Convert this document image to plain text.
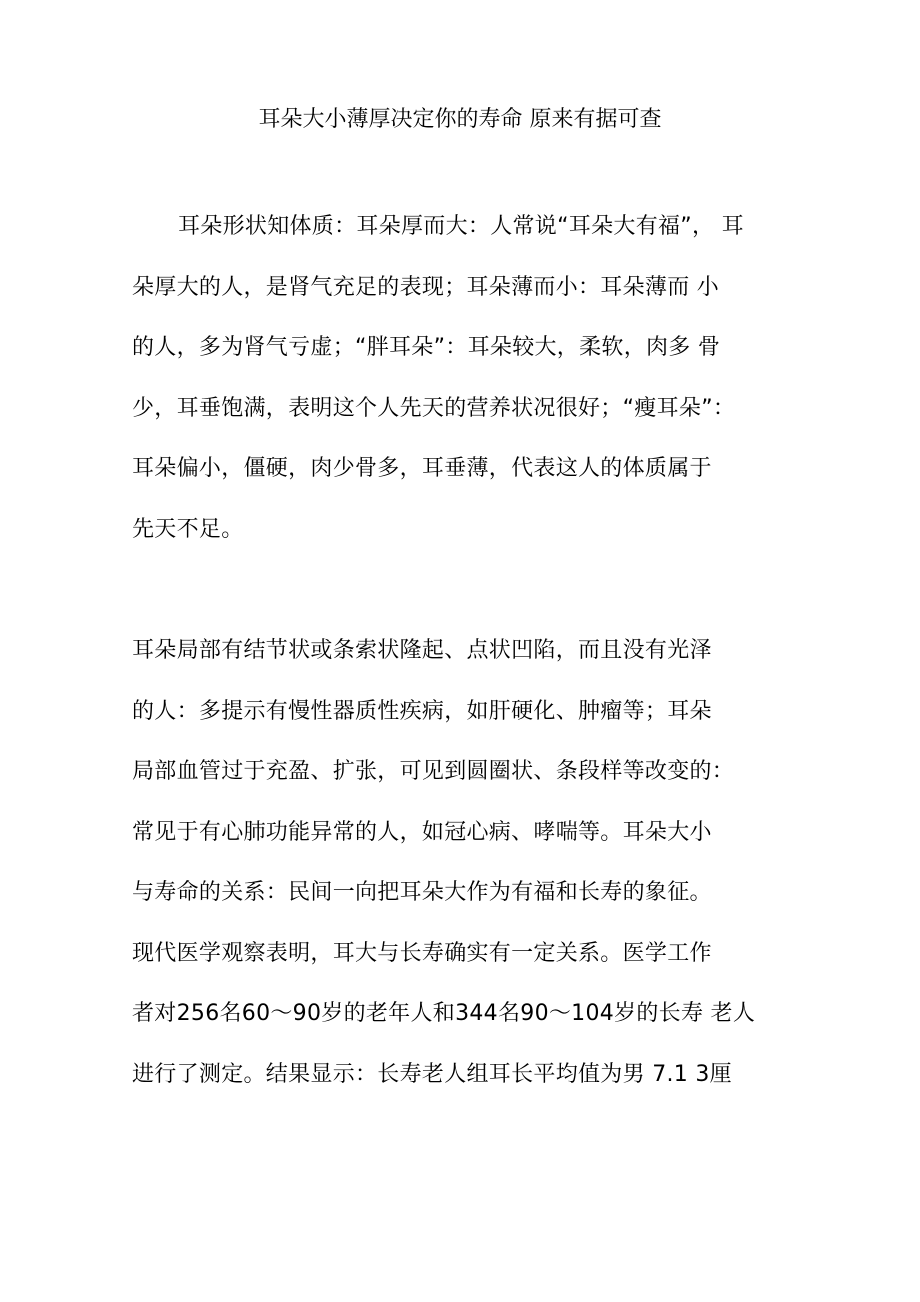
耳朵大小薄厚决定你的寿命 原来有据可查
耳朵形状知体质：耳朵厚而大：人常说“耳朵大有福”， 耳
朵厚大的人，是肾气充足的表现；耳朵薄而小：耳朵薄而 小
的人，多为肾气亏虚；“胖耳朵”：耳朵较大，柔软，肉多 骨
少，耳垂饱满，表明这个人先天的营养状况很好；“瘦耳朵”：
耳朵偏小，僵硬，肉少骨多，耳垂薄，代表这人的体质属于
先天不足。
耳朵局部有结节状或条索状隆起、点状凹陷，而且没有光泽
的人：多提示有慢性器质性疾病，如肝硬化、肿瘤等；耳朵
局部血管过于充盈、扩张，可见到圆圈状、条段样等改变的：
常见于有心肺功能异常的人，如冠心病、哮喘等。耳朵大小
与寿命的关系：民间一向把耳朵大作为有福和长寿的象征。
现代医学观察表明，耳大与长寿确实有一定关系。医学工作
者对256名60～90岁的老年人和344名90～104岁的长寿 老人
进行了测定。结果显示：长寿老人组耳长平均值为男 7.1 3厘
